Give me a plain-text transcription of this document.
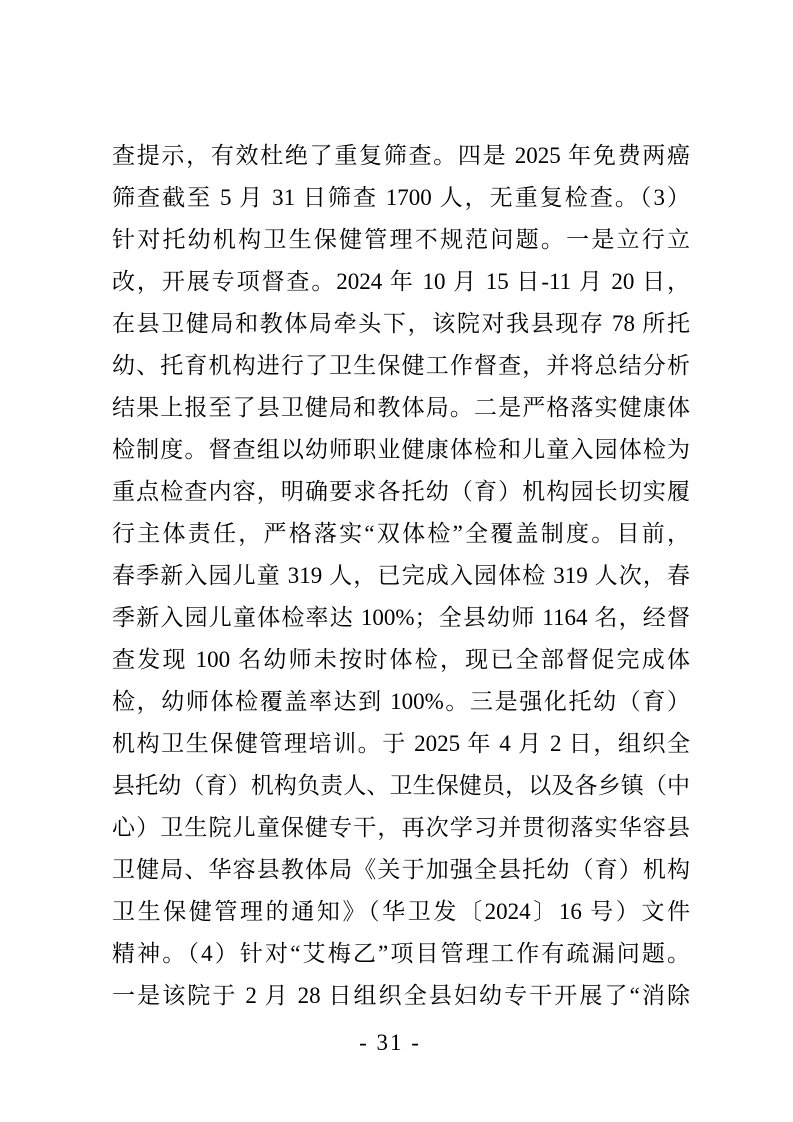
查提示，有效杜绝了重复筛查。四是 2025 年免费两癌
筛查截至 5 月 31 日筛查 1700 人，无重复检查。（3）
针对托幼机构卫生保健管理不规范问题。一是立行立
改，开展专项督查。2024 年 10 月 15 日-11 月 20 日，
在县卫健局和教体局牵头下，该院对我县现存 78 所托
幼、托育机构进行了卫生保健工作督查，并将总结分析
结果上报至了县卫健局和教体局。二是严格落实健康体
检制度。督查组以幼师职业健康体检和儿童入园体检为
重点检查内容，明确要求各托幼（育）机构园长切实履
行主体责任，严格落实“双体检”全覆盖制度。目前，
春季新入园儿童 319 人，已完成入园体检 319 人次，春
季新入园儿童体检率达 100%；全县幼师 1164 名，经督
查发现 100 名幼师未按时体检，现已全部督促完成体
检，幼师体检覆盖率达到 100%。三是强化托幼（育）
机构卫生保健管理培训。于 2025 年 4 月 2 日，组织全
县托幼（育）机构负责人、卫生保健员，以及各乡镇（中
心）卫生院儿童保健专干，再次学习并贯彻落实华容县
卫健局、华容县教体局《关于加强全县托幼（育）机构
卫生保健管理的通知》（华卫发〔2024〕16 号）文件
精神。（4）针对“艾梅乙”项目管理工作有疏漏问题。
一是该院于 2 月 28 日组织全县妇幼专干开展了“消除
- 31 -
